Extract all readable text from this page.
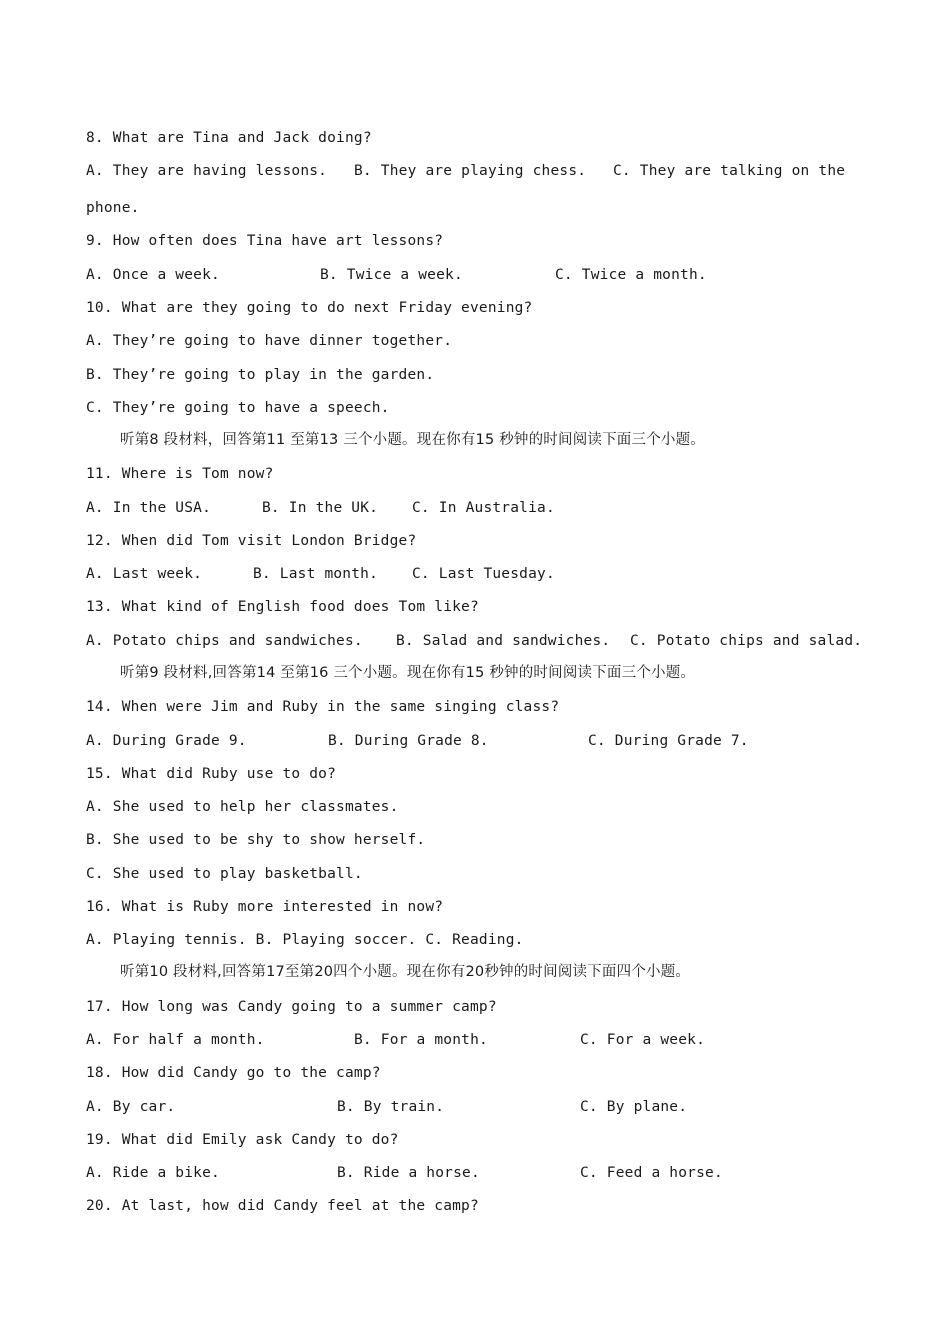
8. What are Tina and Jack doing?
A. They are having lessons. B. They are playing chess. C. They are talking on the
phone.
9. How often does Tina have art lessons?
A. Once a week.	B. Twice a week.	C. Twice a month.
10. What are they going to do next Friday evening?
A. They’re going to have dinner together.
B. They’re going to play in the garden.
C. They’re going to have a speech.
听第8 段材料，回答第11 至第13 三个小题。现在你有15 秒钟的时间阅读下面三个小题。
11. Where is Tom now?
A. In the USA.	B. In the UK. C. In Australia.
12. When did Tom visit London Bridge?
A. Last week.	B. Last month. C. Last Tuesday.
13. What kind of English food does Tom like?
A. Potato chips and sandwiches. B. Salad and sandwiches. C. Potato chips and salad.
听第9 段材料,回答第14 至第16 三个小题。现在你有15 秒钟的时间阅读下面三个小题。
14. When were Jim and Ruby in the same singing class?
A. During Grade 9.	B. During Grade 8.	C. During Grade 7.
15. What did Ruby use to do?
A. She used to help her classmates.
B. She used to be shy to show herself.
C. She used to play basketball.
16. What is Ruby more interested in now?
A. Playing tennis. B. Playing soccer. C. Reading.
听第10 段材料,回答第17至第20四个小题。现在你有20秒钟的时间阅读下面四个小题。
17. How long was Candy going to a summer camp?
A. For half a month.	B. For a month.	C. For a week.
18. How did Candy go to the camp?
A. By car.	B. By train.	C. By plane.
19. What did Emily ask Candy to do?
A. Ride a bike.	B. Ride a horse.	C. Feed a horse.
20. At last, how did Candy feel at the camp?
